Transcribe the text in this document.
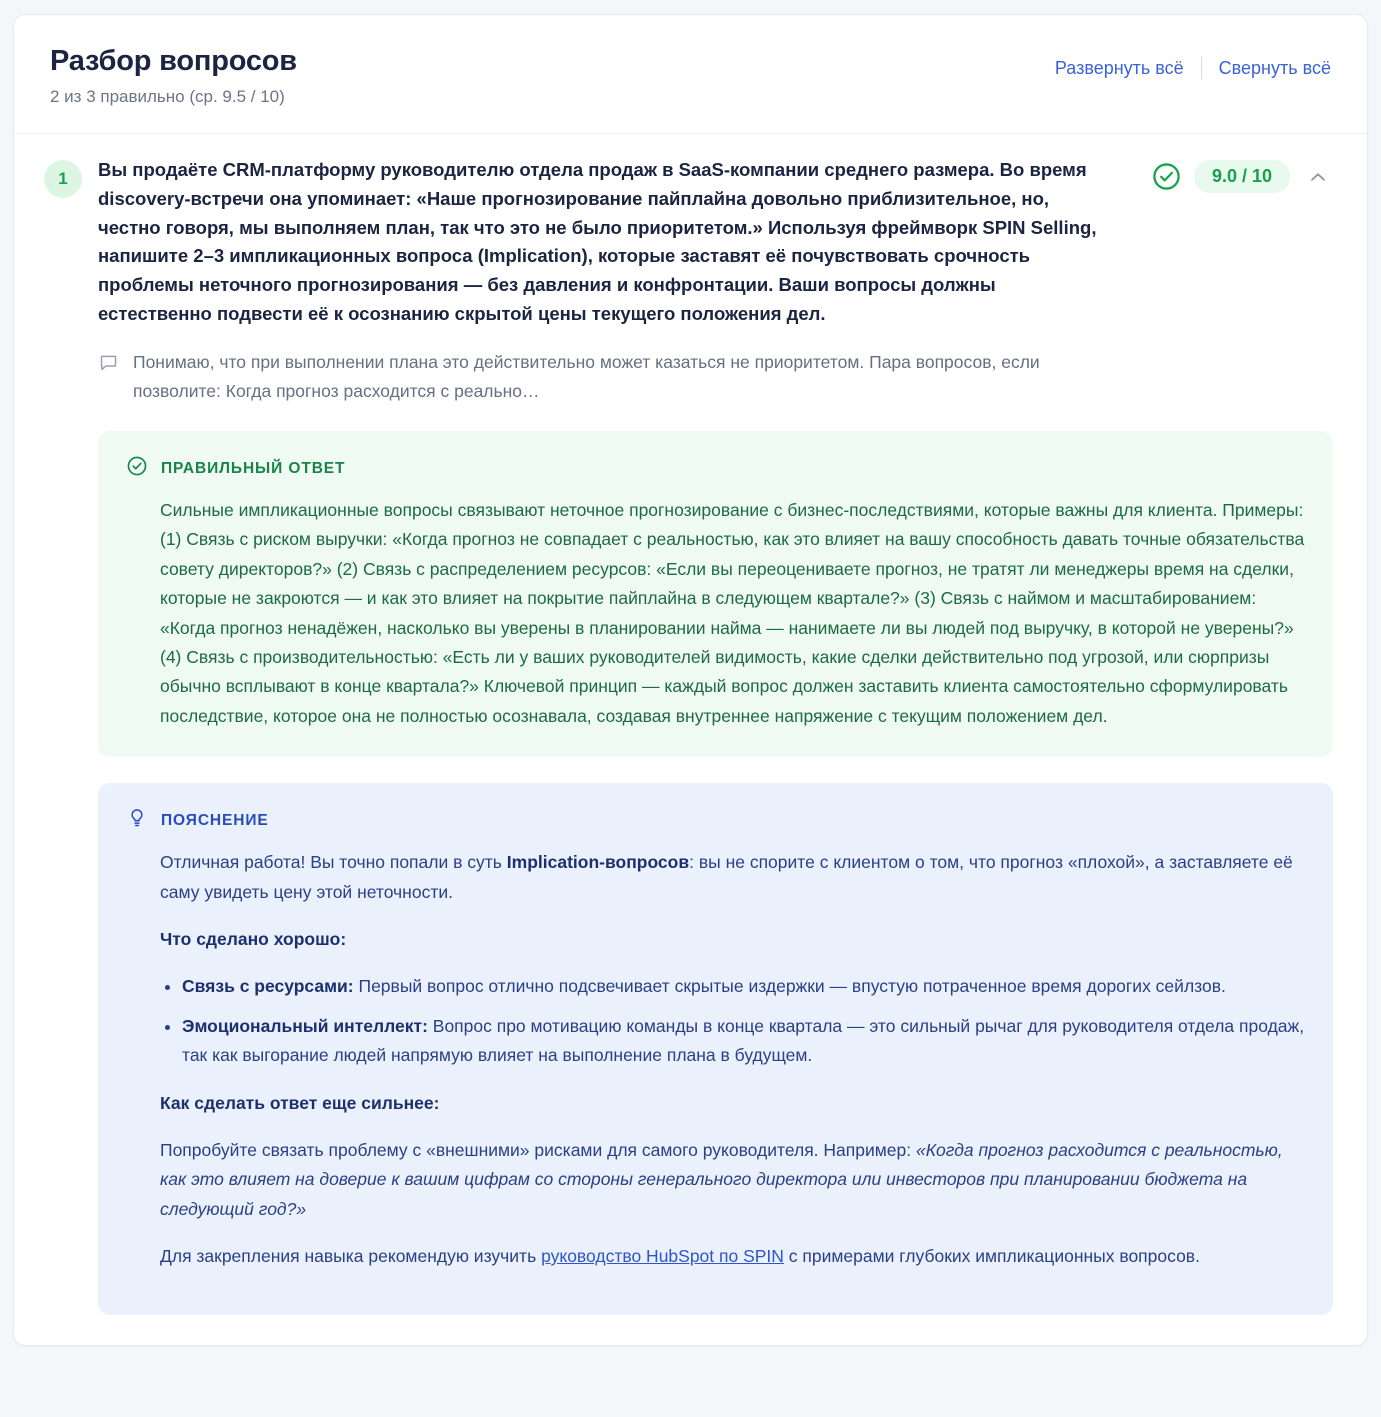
Разбор вопросов
2 из 3 правильно (ср. 9.5 / 10)
Развернуть всё Свернуть всё
1	Вы продаёте CRM-платформу руководителю отдела продаж в SaaS-компании среднего размера. Во время discovery-встречи она упоминает: «Наше прогнозирование пайплайна довольно приблизительное, но, честно говоря, мы выполняем план, так что это не было приоритетом.» Используя фреймворк SPIN Selling, напишите 2–3 импликационных вопроса (Implication), которые заставят её почувствовать срочность проблемы неточного прогнозирования — без давления и конфронтации. Ваши вопросы должны естественно подвести её к осознанию скрытой цены текущего положения дел.

9.0 / 10
Понимаю, что при выполнении плана это действительно может казаться не приоритетом. Пара вопросов, если позволите: Когда прогноз расходится с реально…
ПРАВИЛЬНЫЙ ОТВЕТ

Сильные импликационные вопросы связывают неточное прогнозирование с бизнес-последствиями, которые важны для клиента. Примеры: (1) Связь с риском выручки: «Когда прогноз не совпадает с реальностью, как это влияет на вашу способность давать точные обязательства совету директоров?» (2) Связь с распределением ресурсов: «Если вы переоцениваете прогноз, не тратят ли менеджеры время на сделки, которые не закроются — и как это влияет на покрытие пайплайна в следующем квартале?» (3) Связь с наймом и масштабированием: «Когда прогноз ненадёжен, насколько вы уверены в планировании найма — нанимаете ли вы людей под выручку, в которой не уверены?» (4) Связь с производительностью: «Есть ли у ваших руководителей видимость, какие сделки действительно под угрозой, или сюрпризы обычно всплывают в конце квартала?» Ключевой принцип — каждый вопрос должен заставить клиента самостоятельно сформулировать последствие, которое она не полностью осознавала, создавая внутреннее напряжение с текущим положением дел.

ПОЯСНЕНИЕ

Отличная работа! Вы точно попали в суть Implication-вопросов: вы не спорите с клиентом о том, что прогноз «плохой», а заставляете её саму увидеть цену этой неточности.

Что сделано хорошо:

• Связь с ресурсами: Первый вопрос отлично подсвечивает скрытые издержки — впустую потраченное время дорогих сейлзов.
• Эмоциональный интеллект: Вопрос про мотивацию команды в конце квартала — это сильный рычаг для руководителя отдела продаж, так как выгорание людей напрямую влияет на выполнение плана в будущем.

Как сделать ответ еще сильнее:

Попробуйте связать проблему с «внешними» рисками для самого руководителя. Например: «Когда прогноз расходится с реальностью, как это влияет на доверие к вашим цифрам со стороны генерального директора или инвесторов при планировании бюджета на следующий год?»

Для закрепления навыка рекомендую изучить руководство HubSpot по SPIN с примерами глубоких импликационных вопросов.
